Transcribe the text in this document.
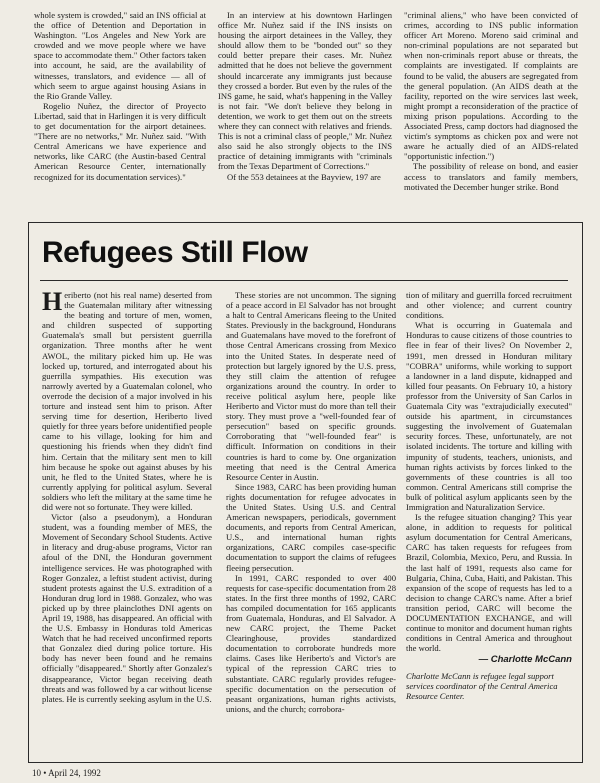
whole system is crowded," said an INS official at the office of Detention and Deportation in Washington. "Los Angeles and New York are crowded and we move people where we have space to accommodate them." Other factors taken into account, he said, are the availability of witnesses, translators, and evidence — all of which seem to argue against housing Asians in the Rio Grande Valley.

Rogelio Nuñez, the director of Proyecto Libertad, said that in Harlingen it is very difficult to get documentation for the airport detainees. "There are no networks," Mr. Nuñez said. "With Central Americans we have experience and networks, like CARC (the Austin-based Central American Resource Center, internationally recognized for its documentation services)."

In an interview at his downtown Harlingen office Mr. Nuñez said if the INS insists on housing the airport detainees in the Valley, they should allow them to be "bonded out" so they could better prepare their cases. Mr. Nuñez admitted that he does not believe the government should incarcerate any immigrants just because they crossed a border. But even by the rules of the INS game, he said, what's happening in the Valley is not fair. "We don't believe they belong in detention, we work to get them out on the streets where they can connect with relatives and friends. This is not a criminal class of people," Mr. Nuñez also said he also strongly objects to the INS practice of detaining immigrants with "criminals from the Texas Department of Corrections."

Of the 553 detainees at the Bayview, 197 are

"criminal aliens," who have been convicted of crimes, according to INS public information officer Art Moreno. Moreno said criminal and non-criminal populations are not separated but when non-criminals report abuse or threats, the complaints are investigated. If complaints are found to be valid, the abusers are segregated from the general population. (An AIDS death at the facility, reported on the wire services last week, might prompt a reconsideration of the practice of mixing prison populations. According to the Associated Press, camp doctors had diagnosed the victim's symptoms as chicken pox and were not aware he actually died of an AIDS-related "opportunistic infection.")

The possibility of release on bond, and easier access to translators and family members, motivated the December hunger strike. Bond

Refugees Still Flow

Heriberto (not his real name) deserted from the Guatemalan military after witnessing the beating and torture of men, women, and children suspected of supporting Guatemala's small but persistent guerrilla organization. Three months after he went AWOL, the military picked him up. He was locked up, tortured, and interrogated about his guerrilla sympathies. His execution was narrowly averted by a Guatemalan colonel, who overrode the decision of a major involved in his torture and instead sent him to prison. After serving time for desertion, Heriberto lived quietly for three years before unidentified people came to his village, looking for him and questioning his friends when they didn't find him. Certain that the military sent men to kill him because he spoke out against abuses by his unit, he fled to the United States, where he is currently applying for political asylum. Several soldiers who left the military at the same time he did were not so fortunate. They were killed.

Victor (also a pseudonym), a Honduran student, was a founding member of MES, the Movement of Secondary School Students. Active in literacy and drug-abuse programs, Victor ran afoul of the DNI, the Honduran government intelligence services. He was photographed with Roger Gonzalez, a leftist student activist, during student protests against the U.S. extradition of a Honduran drug lord in 1988. Gonzalez, who was picked up by three plainclothes DNI agents on April 19, 1988, has disappeared. An official with the U.S. Embassy in Honduras told Americas Watch that he had received unconfirmed reports that Gonzalez died during police torture. His body has never been found and he remains officially "disappeared." Shortly after Gonzalez's disappearance, Victor began receiving death threats and was followed by a car without license plates. He is currently seeking asylum in the U.S.

These stories are not uncommon. The signing of a peace accord in El Salvador has not brought a halt to Central Americans fleeing to the United States. Previously in the background, Hondurans and Guatemalans have moved to the forefront of those Central Americans crossing from Mexico into the United States. In desperate need of protection but largely ignored by the U.S. press, they still claim the attention of refugee organizations around the country. In order to receive political asylum here, people like Heriberto and Victor must do more than tell their story. They must prove a "well-founded fear of persecution" based on specific grounds. Corroborating that "well-founded fear" is difficult. Information on conditions in their countries is hard to come by. One organization meeting that need is the Central America Resource Center in Austin.

Since 1983, CARC has been providing human rights documentation for refugee advocates in the United States. Using U.S. and Central American newspapers, periodicals, government documents, and reports from Central American, U.S., and international human rights organizations, CARC compiles case-specific documentation to support the claims of refugees fleeing persecution.

In 1991, CARC responded to over 400 requests for case-specific documentation from 28 states. In the first three months of 1992, CARC has compiled documentation for 165 applicants from Guatemala, Honduras, and El Salvador. A new CARC project, the Theme Packet Clearinghouse, provides standardized documentation to corroborate hundreds more claims. Cases like Heriberto's and Victor's are typical of the repression CARC tries to substantiate. CARC regularly provides refugee-specific documentation on the persecution of peasant organizations, human rights activists, unions, and the church; corrobora-

tion of military and guerrilla forced recruitment and other violence; and current country conditions.

What is occurring in Guatemala and Honduras to cause citizens of those countries to flee in fear of their lives? On November 2, 1991, men dressed in Honduran military "COBRA" uniforms, while working to support a landowner in a land dispute, kidnapped and killed four peasants. On February 10, a history professor from the University of San Carlos in Guatemala City was "extrajudicially executed" outside his apartment, in circumstances suggesting the involvement of Guatemalan security forces. These, unfortunately, are not isolated incidents. The torture and killing with impunity of students, teachers, unionists, and human rights activists by forces linked to the governments of these countries is all too common. Central Americans still comprise the bulk of political asylum applicants seen by the Immigration and Naturalization Service.

Is the refugee situation changing? This year alone, in addition to requests for political asylum documentation for Central Americans, CARC has taken requests for refugees from Brazil, Colombia, Mexico, Peru, and Russia. In the last half of 1991, requests also came for Bulgaria, China, Cuba, Haiti, and Pakistan. This expansion of the scope of requests has led to a decision to change CARC's name. After a brief transition period, CARC will become the DOCUMENTATION EXCHANGE, and will continue to monitor and document human rights conditions in Central America and throughout the world.

— Charlotte McCann
Charlotte McCann is refugee legal support services coordinator of the Central America Resource Center.
10 • April 24, 1992
